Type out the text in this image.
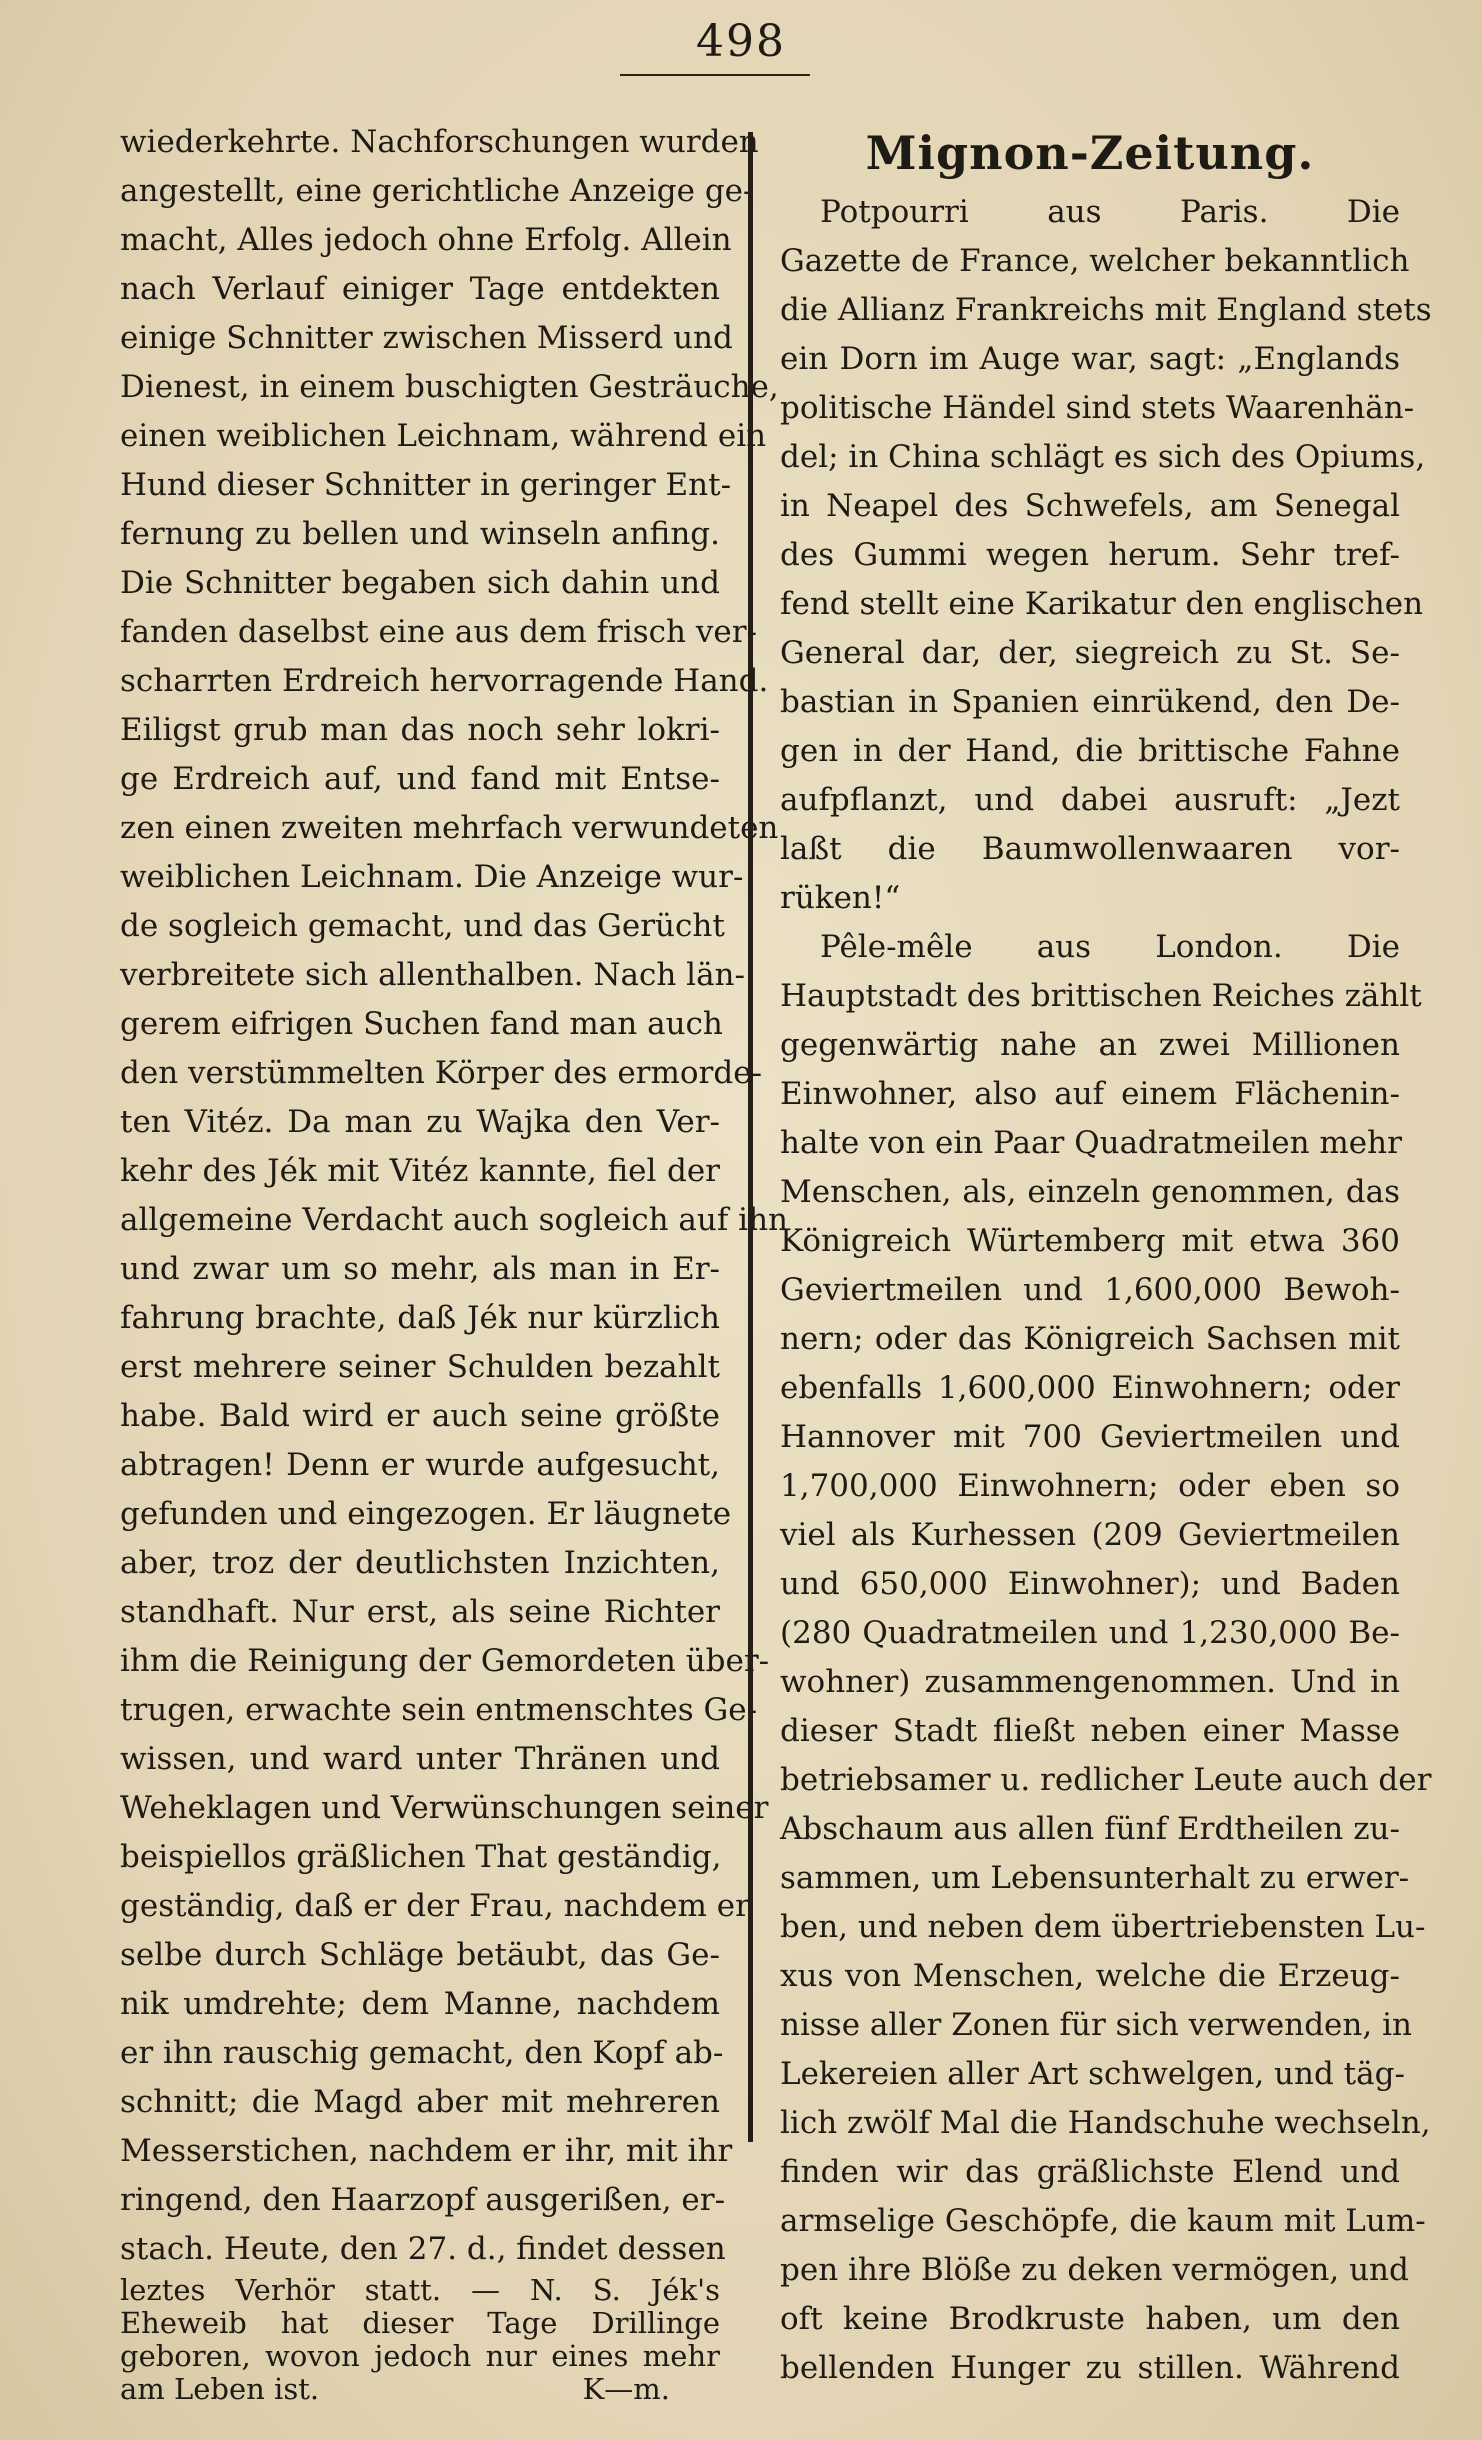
498
wiederkehrte. Nachforschungen wurden
angestellt, eine gerichtliche Anzeige ge-
macht, Alles jedoch ohne Erfolg. Allein
nach Verlauf einiger Tage entdekten
einige Schnitter zwischen Misserd und
Dienest, in einem buschigten Gesträuche,
einen weiblichen Leichnam, während ein
Hund dieser Schnitter in geringer Ent-
fernung zu bellen und winseln anfing.
Die Schnitter begaben sich dahin und
fanden daselbst eine aus dem frisch ver-
scharrten Erdreich hervorragende Hand.
Eiligst grub man das noch sehr lokri-
ge Erdreich auf, und fand mit Entse-
zen einen zweiten mehrfach verwundeten
weiblichen Leichnam. Die Anzeige wur-
de sogleich gemacht, und das Gerücht
verbreitete sich allenthalben. Nach län-
gerem eifrigen Suchen fand man auch
den verstümmelten Körper des ermorde-
ten Vitéz. Da man zu Wajka den Ver-
kehr des Jék mit Vitéz kannte, fiel der
allgemeine Verdacht auch sogleich auf ihn
und zwar um so mehr, als man in Er-
fahrung brachte, daß Jék nur kürzlich
erst mehrere seiner Schulden bezahlt
habe. Bald wird er auch seine größte
abtragen! Denn er wurde aufgesucht,
gefunden und eingezogen. Er läugnete
aber, troz der deutlichsten Inzichten,
standhaft. Nur erst, als seine Richter
ihm die Reinigung der Gemordeten über-
trugen, erwachte sein entmenschtes Ge-
wissen, und ward unter Thränen und
Weheklagen und Verwünschungen seiner
beispiellos gräßlichen That geständig,
geständig, daß er der Frau, nachdem er
selbe durch Schläge betäubt, das Ge-
nik umdrehte; dem Manne, nachdem
er ihn rauschig gemacht, den Kopf ab-
schnitt; die Magd aber mit mehreren
Messerstichen, nachdem er ihr, mit ihr
ringend, den Haarzopf ausgerißen, er-
stach. Heute, den 27. d., findet dessen
leztes Verhör statt. — N. S. Jék's
Eheweib hat dieser Tage Drillinge
geboren, wovon jedoch nur eines mehr
am Leben ist.	K—m.
Mignon-Zeitung.
Potpourri aus Paris. Die
Gazette de France, welcher bekanntlich
die Allianz Frankreichs mit England stets
ein Dorn im Auge war, sagt: „Englands
politische Händel sind stets Waarenhän-
del; in China schlägt es sich des Opiums,
in Neapel des Schwefels, am Senegal
des Gummi wegen herum. Sehr tref-
fend stellt eine Karikatur den englischen
General dar, der, siegreich zu St. Se-
bastian in Spanien einrükend, den De-
gen in der Hand, die brittische Fahne
aufpflanzt, und dabei ausruft: „Jezt
laßt die Baumwollenwaaren vor-
rüken!“
Pêle-mêle aus London. Die
Hauptstadt des brittischen Reiches zählt
gegenwärtig nahe an zwei Millionen
Einwohner, also auf einem Flächenin-
halte von ein Paar Quadratmeilen mehr
Menschen, als, einzeln genommen, das
Königreich Würtemberg mit etwa 360
Geviertmeilen und 1,600,000 Bewoh-
nern; oder das Königreich Sachsen mit
ebenfalls 1,600,000 Einwohnern; oder
Hannover mit 700 Geviertmeilen und
1,700,000 Einwohnern; oder eben so
viel als Kurhessen (209 Geviertmeilen
und 650,000 Einwohner); und Baden
(280 Quadratmeilen und 1,230,000 Be-
wohner) zusammengenommen. Und in
dieser Stadt fließt neben einer Masse
betriebsamer u. redlicher Leute auch der
Abschaum aus allen fünf Erdtheilen zu-
sammen, um Lebensunterhalt zu erwer-
ben, und neben dem übertriebensten Lu-
xus von Menschen, welche die Erzeug-
nisse aller Zonen für sich verwenden, in
Lekereien aller Art schwelgen, und täg-
lich zwölf Mal die Handschuhe wechseln,
finden wir das gräßlichste Elend und
armselige Geschöpfe, die kaum mit Lum-
pen ihre Blöße zu deken vermögen, und
oft keine Brodkruste haben, um den
bellenden Hunger zu stillen. Während
